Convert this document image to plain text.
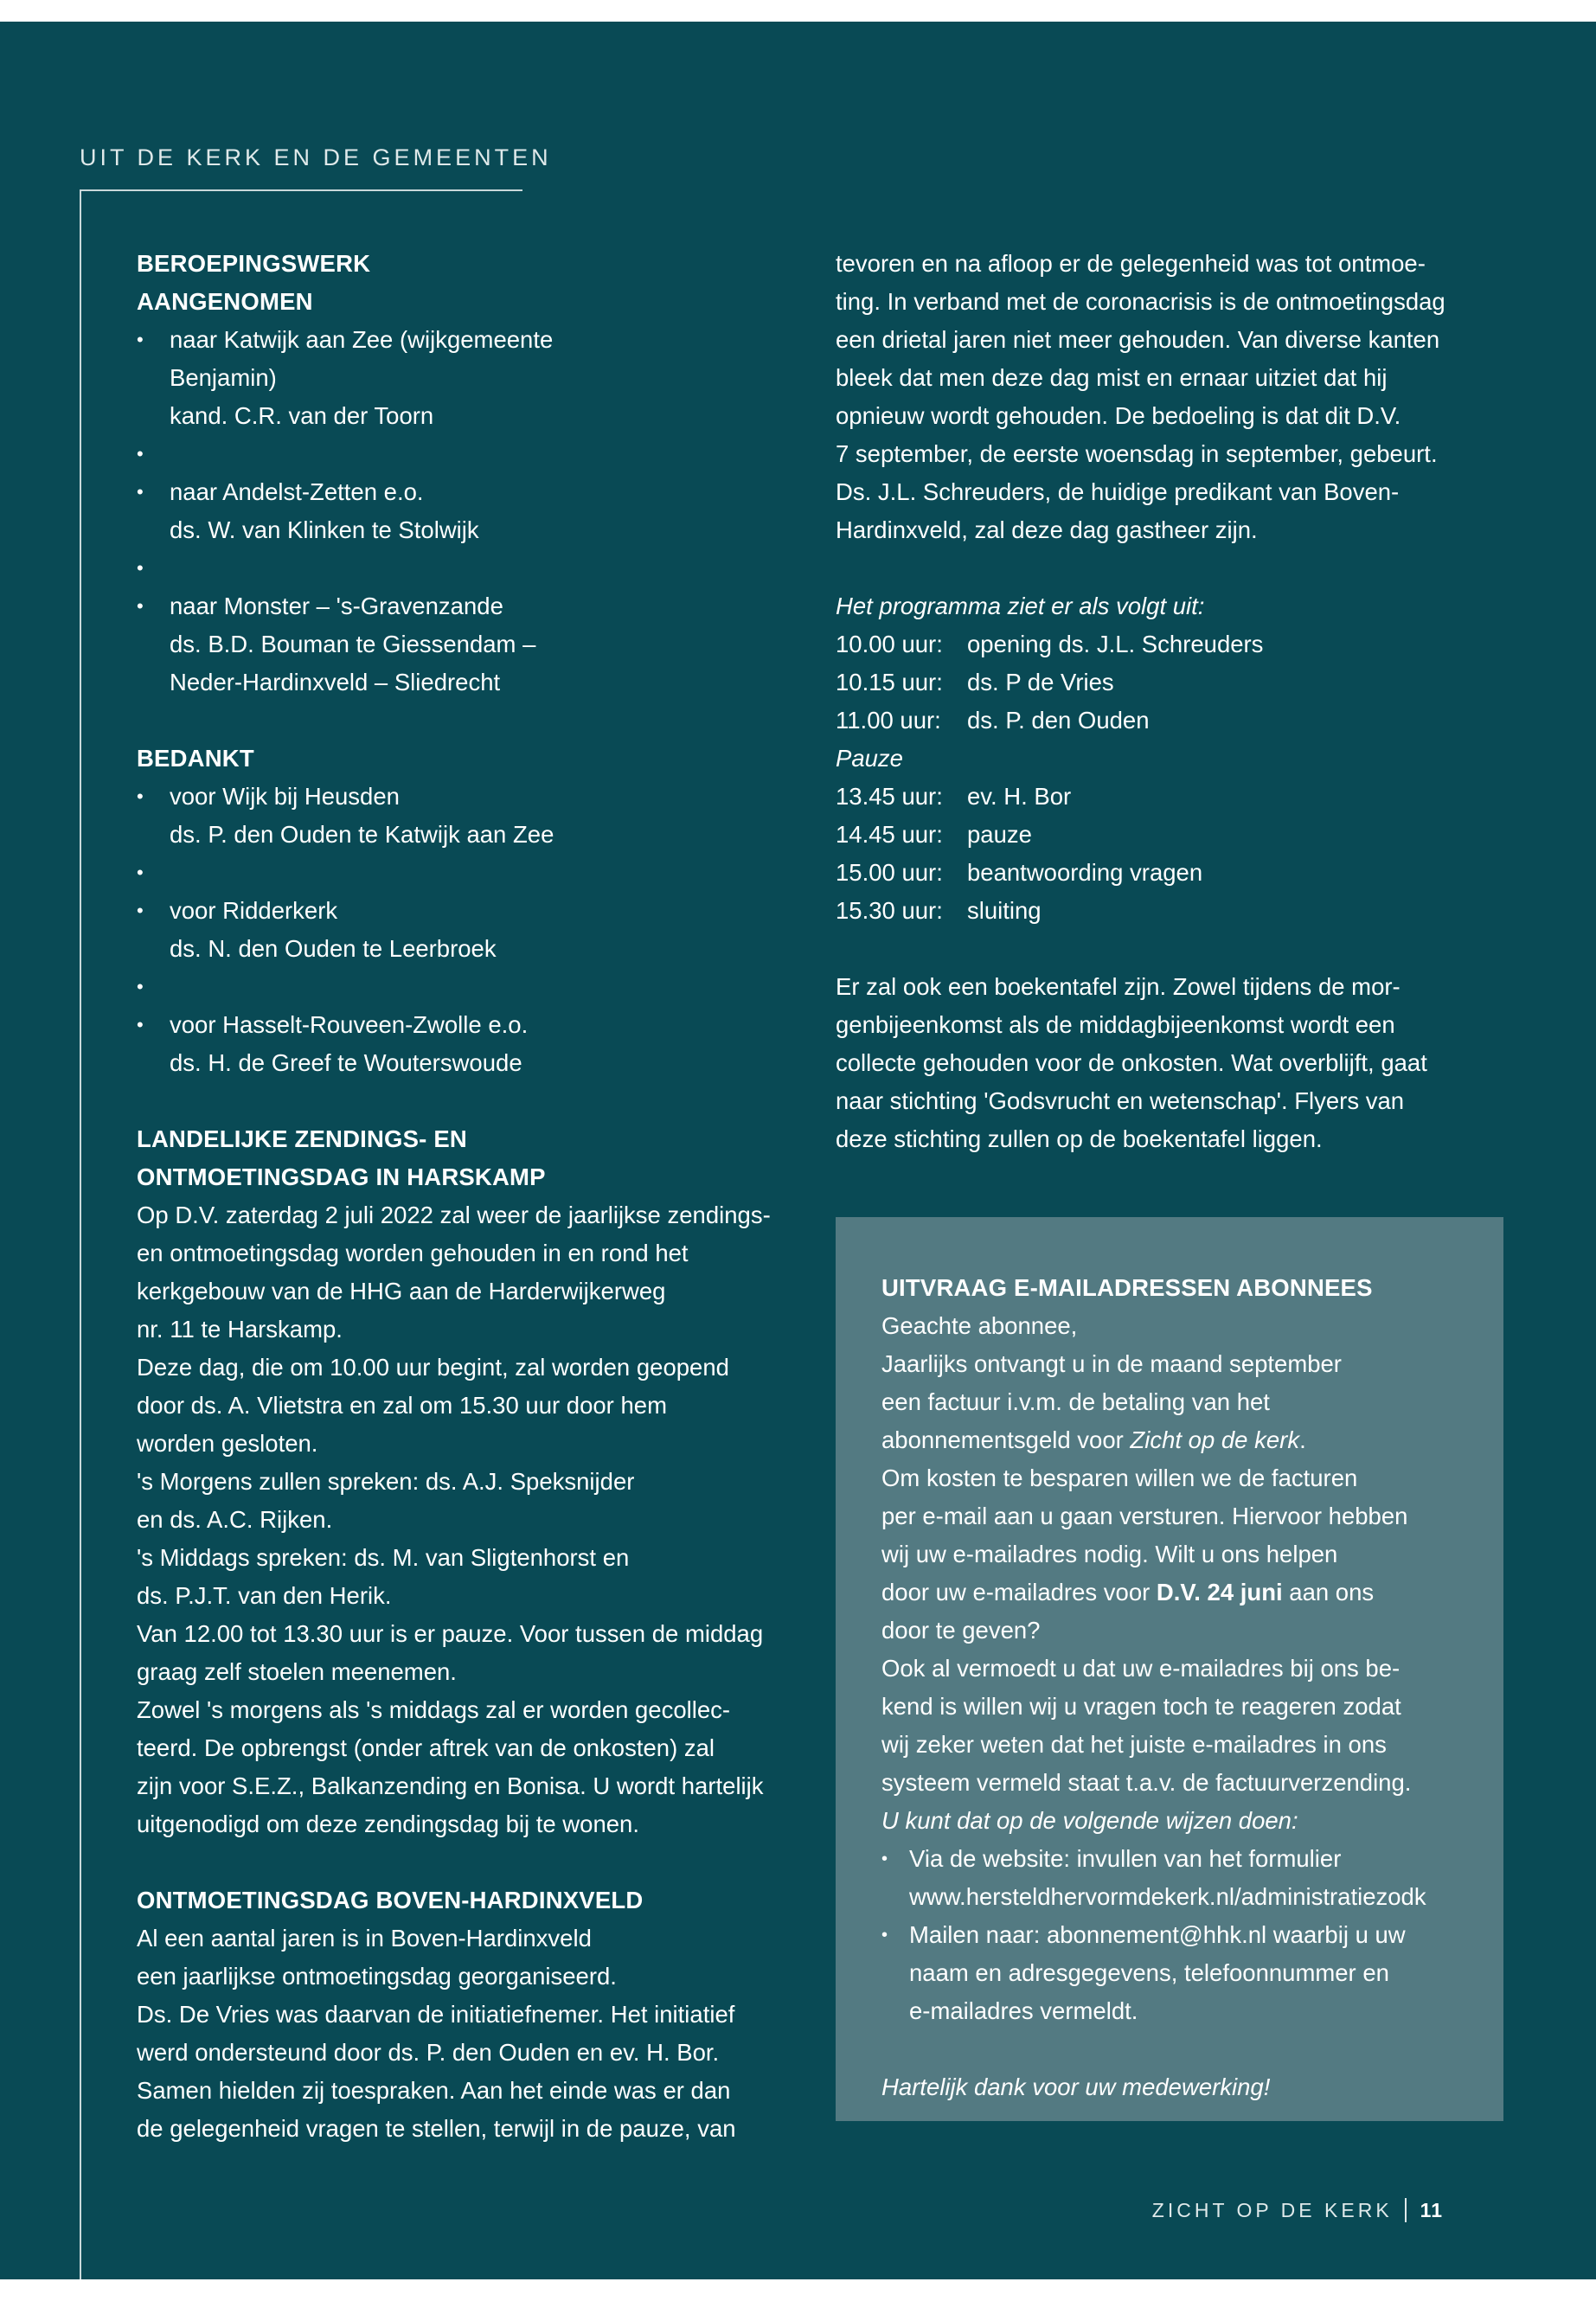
UIT DE KERK EN DE GEMEENTEN

BEROEPINGSWERK

AANGENOMEN

• naar Katwijk aan Zee (wijkgemeente
Benjamin)
kand. C.R. van der Toorn
•
• naar Andelst-Zetten e.o.
ds. W. van Klinken te Stolwijk
•
• naar Monster – 's-Gravenzande
ds. B.D. Bouman te Giessendam –
Neder-Hardinxveld – Sliedrecht

BEDANKT

• voor Wijk bij Heusden
ds. P. den Ouden te Katwijk aan Zee
•
• voor Ridderkerk
ds. N. den Ouden te Leerbroek
•
• voor Hasselt-Rouveen-Zwolle e.o.
ds. H. de Greef te Wouterswoude

LANDELIJKE ZENDINGS- EN

ONTMOETINGSDAG IN HARSKAMP

Op D.V. zaterdag 2 juli 2022 zal weer de jaarlijkse zendings-

en ontmoetingsdag worden gehouden in en rond het

kerkgebouw van de HHG aan de Harderwijkerweg

nr. 11 te Harskamp.

Deze dag, die om 10.00 uur begint, zal worden geopend

door ds. A. Vlietstra en zal om 15.30 uur door hem

worden gesloten.

's Morgens zullen spreken: ds. A.J. Speksnijder

en ds. A.C. Rijken.

's Middags spreken: ds. M. van Sligtenhorst en

ds. P.J.T. van den Herik.

Van 12.00 tot 13.30 uur is er pauze. Voor tussen de middag

graag zelf stoelen meenemen.

Zowel 's morgens als 's middags zal er worden gecollec-

teerd. De opbrengst (onder aftrek van de onkosten) zal

zijn voor S.E.Z., Balkanzending en Bonisa. U wordt hartelijk

uitgenodigd om deze zendingsdag bij te wonen.

ONTMOETINGSDAG BOVEN-HARDINXVELD

Al een aantal jaren is in Boven-Hardinxveld

een jaarlijkse ontmoetingsdag georganiseerd.

Ds. De Vries was daarvan de initiatiefnemer. Het initiatief

werd ondersteund door ds. P. den Ouden en ev. H. Bor.

Samen hielden zij toespraken. Aan het einde was er dan

de gelegenheid vragen te stellen, terwijl in de pauze, van

tevoren en na afloop er de gelegenheid was tot ontmoe-

ting. In verband met de coronacrisis is de ontmoetingsdag

een drietal jaren niet meer gehouden. Van diverse kanten

bleek dat men deze dag mist en ernaar uitziet dat hij

opnieuw wordt gehouden. De bedoeling is dat dit D.V.

7 september, de eerste woensdag in september, gebeurt.

Ds. J.L. Schreuders, de huidige predikant van Boven-

Hardinxveld, zal deze dag gastheer zijn.

Het programma ziet er als volgt uit:

10.00 uur:	opening ds. J.L. Schreuders
10.15 uur:	ds. P de Vries
11.00 uur:	ds. P. den Ouden
Pauze
13.45 uur:	ev. H. Bor
14.45 uur:	pauze
15.00 uur:	beantwoording vragen
15.30 uur:	sluiting

Er zal ook een boekentafel zijn. Zowel tijdens de mor-

genbijeenkomst als de middagbijeenkomst wordt een

collecte gehouden voor de onkosten. Wat overblijft, gaat

naar stichting 'Godsvrucht en wetenschap'. Flyers van

deze stichting zullen op de boekentafel liggen.

UITVRAAG E-MAILADRESSEN ABONNEES

Geachte abonnee,

Jaarlijks ontvangt u in de maand september

een factuur i.v.m. de betaling van het

abonnementsgeld voor Zicht op de kerk.

Om kosten te besparen willen we de facturen

per e-mail aan u gaan versturen. Hiervoor hebben

wij uw e-mailadres nodig. Wilt u ons helpen

door uw e-mailadres voor D.V. 24 juni aan ons

door te geven?

Ook al vermoedt u dat uw e-mailadres bij ons be-

kend is willen wij u vragen toch te reageren zodat

wij zeker weten dat het juiste e-mailadres in ons

systeem vermeld staat t.a.v. de factuurverzending.

U kunt dat op de volgende wijzen doen:

• Via de website: invullen van het formulier
www.hersteldhervormdekerk.nl/administratiezodk
• Mailen naar: abonnement@hhk.nl waarbij u uw
naam en adresgegevens, telefoonnummer en
e-mailadres vermeldt.

Hartelijk dank voor uw medewerking!

ZICHT OP DE KERK 11
